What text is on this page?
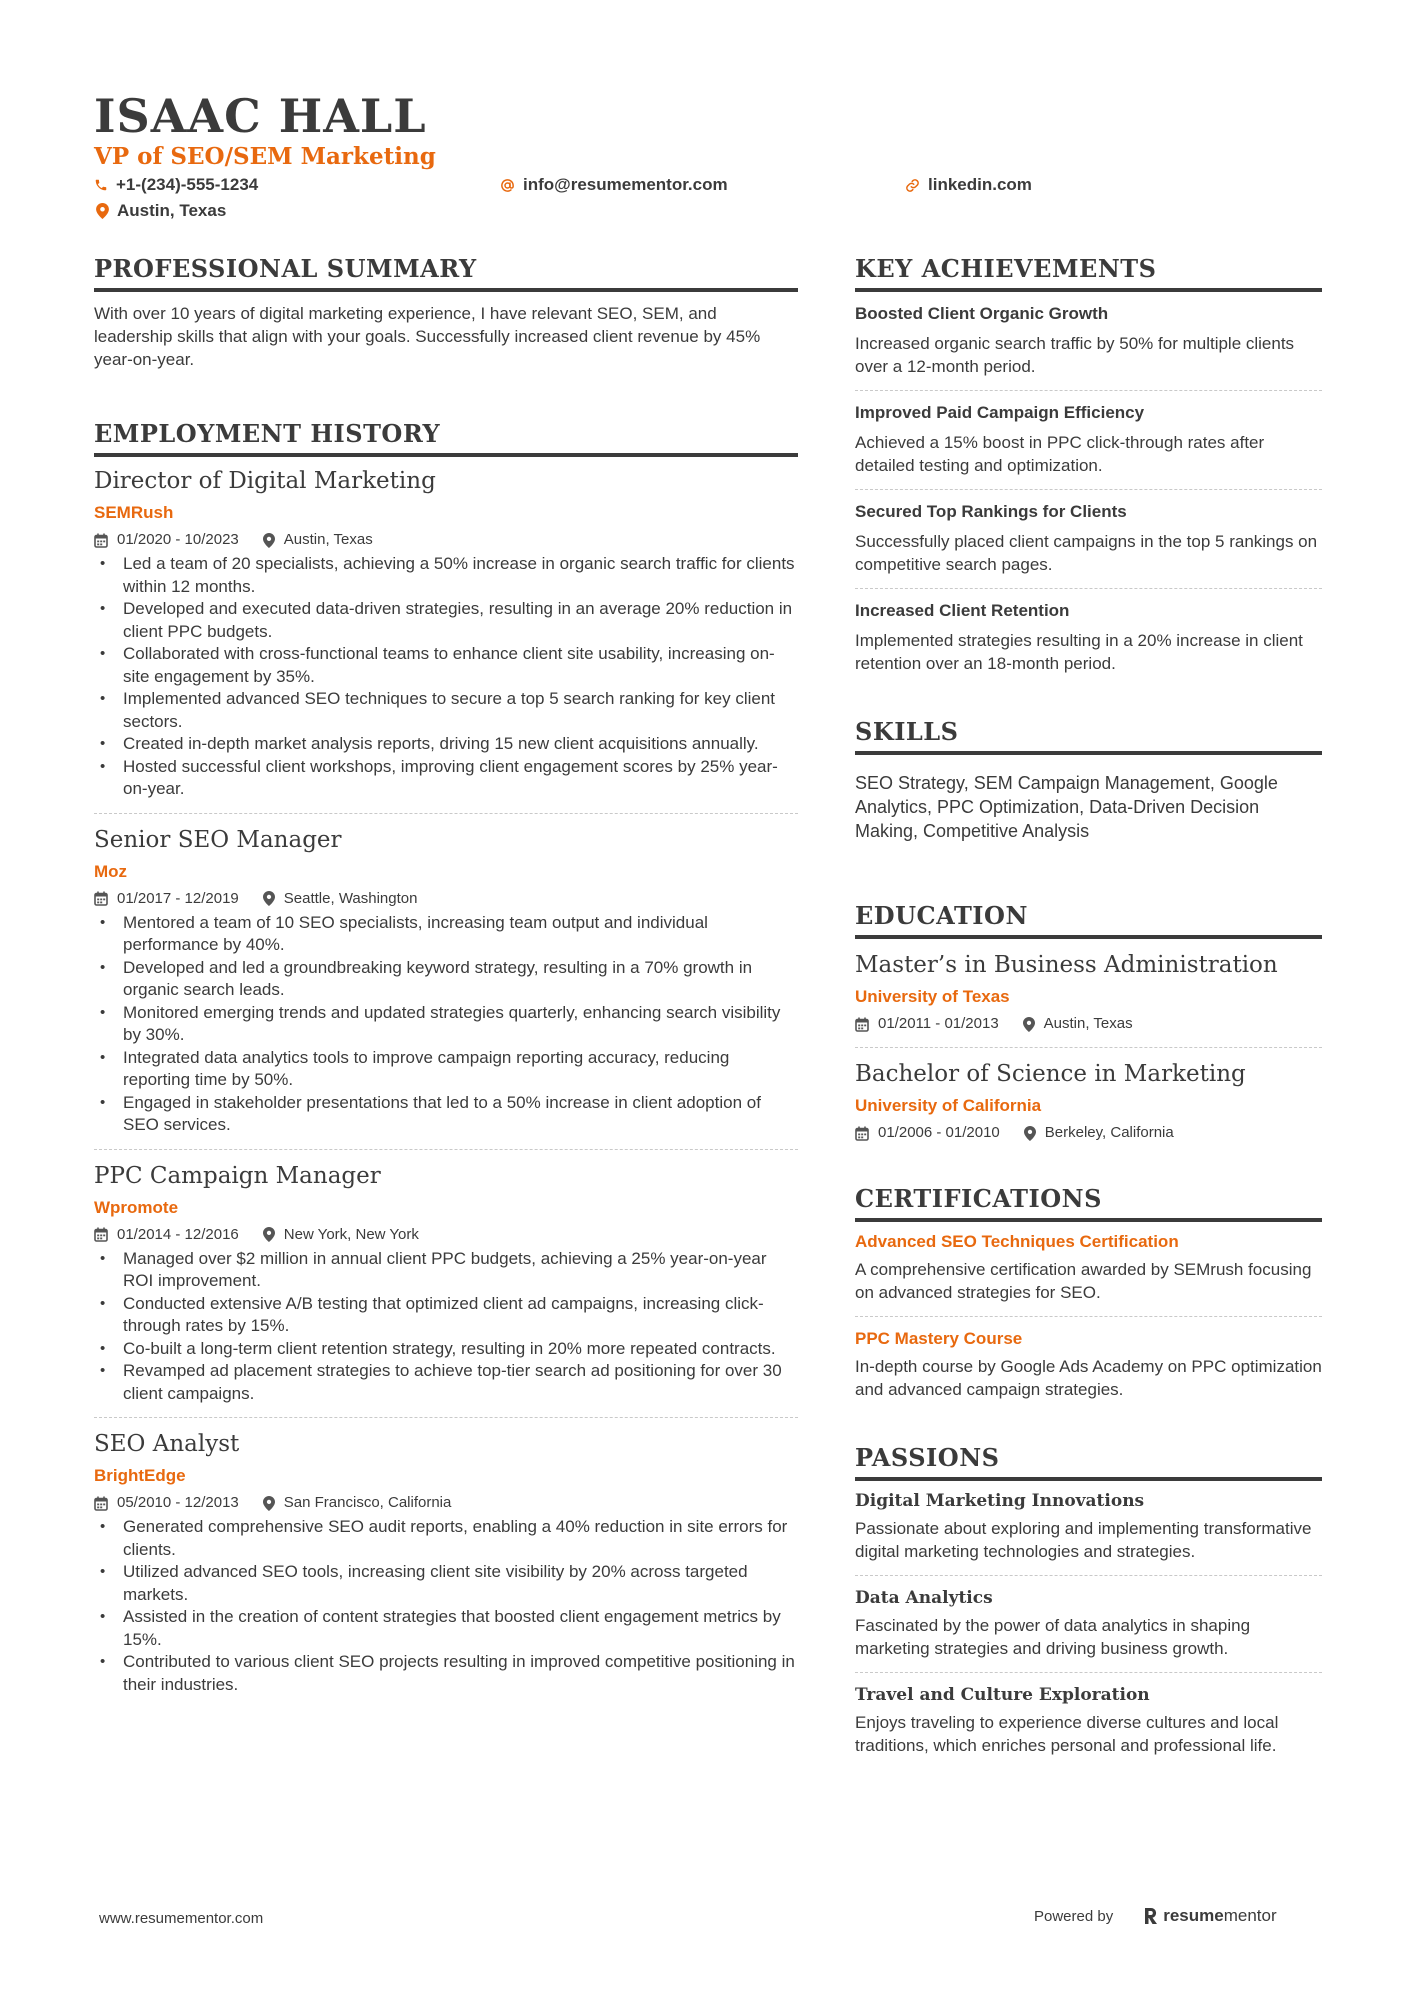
ISAAC HALL
VP of SEO/SEM Marketing
+1-(234)-555-1234	info@resumementor.com	linkedin.com
Austin, Texas
PROFESSIONAL SUMMARY
With over 10 years of digital marketing experience, I have relevant SEO, SEM, and leadership skills that align with your goals. Successfully increased client revenue by 45% year-on-year.
EMPLOYMENT HISTORY
Director of Digital Marketing
SEMRush
01/2020 - 10/2023	Austin, Texas
• Led a team of 20 specialists, achieving a 50% increase in organic search traffic for clients within 12 months.
• Developed and executed data-driven strategies, resulting in an average 20% reduction in client PPC budgets.
• Collaborated with cross-functional teams to enhance client site usability, increasing on-site engagement by 35%.
• Implemented advanced SEO techniques to secure a top 5 search ranking for key client sectors.
• Created in-depth market analysis reports, driving 15 new client acquisitions annually.
• Hosted successful client workshops, improving client engagement scores by 25% year-on-year.
Senior SEO Manager
Moz
01/2017 - 12/2019	Seattle, Washington
• Mentored a team of 10 SEO specialists, increasing team output and individual performance by 40%.
• Developed and led a groundbreaking keyword strategy, resulting in a 70% growth in organic search leads.
• Monitored emerging trends and updated strategies quarterly, enhancing search visibility by 30%.
• Integrated data analytics tools to improve campaign reporting accuracy, reducing reporting time by 50%.
• Engaged in stakeholder presentations that led to a 50% increase in client adoption of SEO services.
PPC Campaign Manager
Wpromote
01/2014 - 12/2016	New York, New York
• Managed over $2 million in annual client PPC budgets, achieving a 25% year-on-year ROI improvement.
• Conducted extensive A/B testing that optimized client ad campaigns, increasing click-through rates by 15%.
• Co-built a long-term client retention strategy, resulting in 20% more repeated contracts.
• Revamped ad placement strategies to achieve top-tier search ad positioning for over 30 client campaigns.
SEO Analyst
BrightEdge
05/2010 - 12/2013	San Francisco, California
• Generated comprehensive SEO audit reports, enabling a 40% reduction in site errors for clients.
• Utilized advanced SEO tools, increasing client site visibility by 20% across targeted markets.
• Assisted in the creation of content strategies that boosted client engagement metrics by 15%.
• Contributed to various client SEO projects resulting in improved competitive positioning in their industries.
KEY ACHIEVEMENTS
Boosted Client Organic Growth
Increased organic search traffic by 50% for multiple clients over a 12-month period.
Improved Paid Campaign Efficiency
Achieved a 15% boost in PPC click-through rates after detailed testing and optimization.
Secured Top Rankings for Clients
Successfully placed client campaigns in the top 5 rankings on competitive search pages.
Increased Client Retention
Implemented strategies resulting in a 20% increase in client retention over an 18-month period.
SKILLS
SEO Strategy, SEM Campaign Management, Google Analytics, PPC Optimization, Data-Driven Decision Making, Competitive Analysis
EDUCATION
Master’s in Business Administration
University of Texas
01/2011 - 01/2013	Austin, Texas
Bachelor of Science in Marketing
University of California
01/2006 - 01/2010	Berkeley, California
CERTIFICATIONS
Advanced SEO Techniques Certification
A comprehensive certification awarded by SEMrush focusing on advanced strategies for SEO.
PPC Mastery Course
In-depth course by Google Ads Academy on PPC optimization and advanced campaign strategies.
PASSIONS
Digital Marketing Innovations
Passionate about exploring and implementing transformative digital marketing technologies and strategies.
Data Analytics
Fascinated by the power of data analytics in shaping marketing strategies and driving business growth.
Travel and Culture Exploration
Enjoys traveling to experience diverse cultures and local traditions, which enriches personal and professional life.
www.resumementor.com	Powered by	resume mentor
